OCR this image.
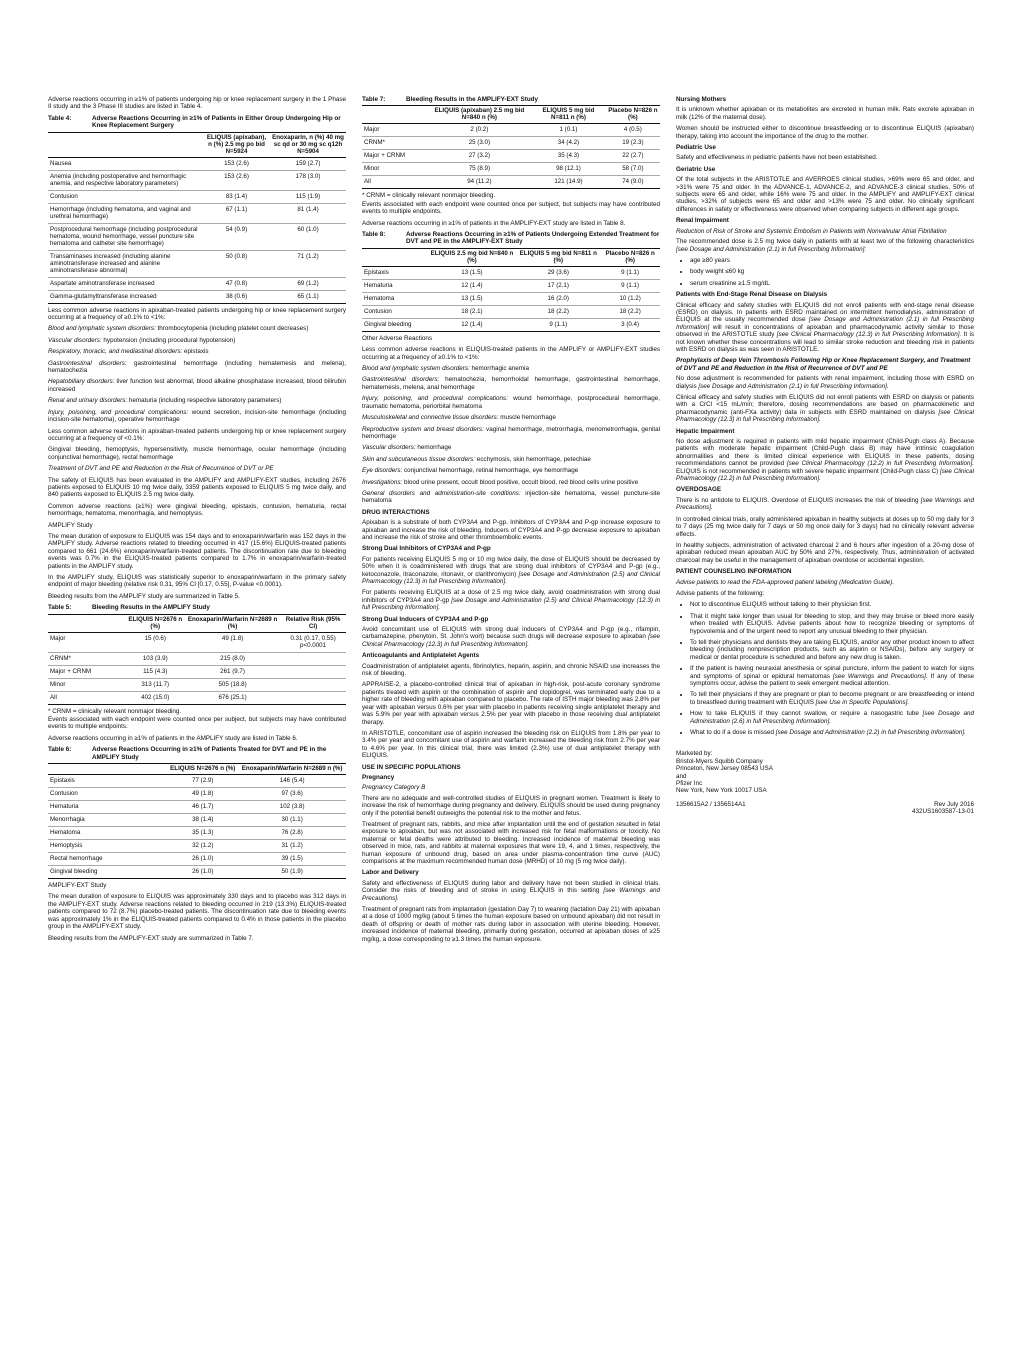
Adverse reactions occurring in ≥1% of patients undergoing hip or knee replacement surgery in the 1 Phase II study and the 3 Phase III studies are listed in Table 4.

Table 4:	Adverse Reactions Occurring in ≥1% of Patients in Either Group Undergoing Hip or Knee Replacement Surgery
	ELIQUIS (apixaban), n (%) 2.5 mg po bid N=5924	Enoxaparin, n (%) 40 mg sc qd or 30 mg sc q12h N=5904
Nausea	153 (2.6)	159 (2.7)
Anemia (including postoperative and hemorrhagic anemia, and respective laboratory parameters)	153 (2.6)	178 (3.0)
Contusion	83 (1.4)	115 (1.9)
Hemorrhage (including hematoma, and vaginal and urethral hemorrhage)	67 (1.1)	81 (1.4)
Postprocedural hemorrhage (including postprocedural hematoma, wound hemorrhage, vessel puncture site hematoma and catheter site hemorrhage)	54 (0.9)	60 (1.0)
Transaminases increased (including alanine aminotransferase increased and alanine aminotransferase abnormal)	50 (0.8)	71 (1.2)
Aspartate aminotransferase increased	47 (0.8)	69 (1.2)
Gamma-glutamyltransferase increased	38 (0.6)	65 (1.1)

Less common adverse reactions in apixaban-treated patients undergoing hip or knee replacement surgery occurring at a frequency of ≥0.1% to <1%:

Blood and lymphatic system disorders: thrombocytopenia (including platelet count decreases)

Vascular disorders: hypotension (including procedural hypotension)

Respiratory, thoracic, and mediastinal disorders: epistaxis

Gastrointestinal disorders: gastrointestinal hemorrhage (including hematemesis and melena), hematochezia

Hepatobiliary disorders: liver function test abnormal, blood alkaline phosphatase increased, blood bilirubin increased

Renal and urinary disorders: hematuria (including respective laboratory parameters)

Injury, poisoning, and procedural complications: wound secretion, incision-site hemorrhage (including incision-site hematoma), operative hemorrhage

Less common adverse reactions in apixaban-treated patients undergoing hip or knee replacement surgery occurring at a frequency of <0.1%:

Gingival bleeding, hemoptysis, hypersensitivity, muscle hemorrhage, ocular hemorrhage (including conjunctival hemorrhage), rectal hemorrhage

Treatment of DVT and PE and Reduction in the Risk of Recurrence of DVT or PE

The safety of ELIQUIS has been evaluated in the AMPLIFY and AMPLIFY-EXT studies, including 2676 patients exposed to ELIQUIS 10 mg twice daily, 3359 patients exposed to ELIQUIS 5 mg twice daily, and 840 patients exposed to ELIQUIS 2.5 mg twice daily.

Common adverse reactions (≥1%) were gingival bleeding, epistaxis, contusion, hematuria, rectal hemorrhage, hematoma, menorrhagia, and hemoptysis.

AMPLIFY Study

The mean duration of exposure to ELIQUIS was 154 days and to enoxaparin/warfarin was 152 days in the AMPLIFY study. Adverse reactions related to bleeding occurred in 417 (15.6%) ELIQUIS-treated patients compared to 661 (24.6%) enoxaparin/warfarin-treated patients. The discontinuation rate due to bleeding events was 0.7% in the ELIQUIS-treated patients compared to 1.7% in enoxaparin/warfarin-treated patients in the AMPLIFY study.

In the AMPLIFY study, ELIQUIS was statistically superior to enoxaparin/warfarin in the primary safety endpoint of major bleeding (relative risk 0.31, 95% CI [0.17, 0.55], P-value <0.0001).

Bleeding results from the AMPLIFY study are summarized in Table 5.

Table 5:	Bleeding Results in the AMPLIFY Study
	ELIQUIS N=2676 n (%)	Enoxaparin/Warfarin N=2689 n (%)	Relative Risk (95% CI)
Major	15 (0.6)	49 (1.8)	0.31 (0.17, 0.55) p<0.0001
CRNM*	103 (3.9)	215 (8.0)	
Major + CRNM	115 (4.3)	261 (9.7)	
Minor	313 (11.7)	505 (18.8)	
All	402 (15.0)	676 (25.1)	

* CRNM = clinically relevant nonmajor bleeding.

Events associated with each endpoint were counted once per subject, but subjects may have contributed events to multiple endpoints.

Adverse reactions occurring in ≥1% of patients in the AMPLIFY study are listed in Table 6.

Table 6:	Adverse Reactions Occurring in ≥1% of Patients Treated for DVT and PE in the AMPLIFY Study
	ELIQUIS N=2676 n (%)	Enoxaparin/Warfarin N=2689 n (%)
Epistaxis	77 (2.9)	146 (5.4)
Contusion	49 (1.8)	97 (3.6)
Hematuria	46 (1.7)	102 (3.8)
Menorrhagia	38 (1.4)	30 (1.1)
Hematoma	35 (1.3)	76 (2.8)
Hemoptysis	32 (1.2)	31 (1.2)
Rectal hemorrhage	26 (1.0)	39 (1.5)
Gingival bleeding	26 (1.0)	50 (1.9)

AMPLIFY-EXT Study

The mean duration of exposure to ELIQUIS was approximately 330 days and to placebo was 312 days in the AMPLIFY-EXT study. Adverse reactions related to bleeding occurred in 219 (13.3%) ELIQUIS-treated patients compared to 72 (8.7%) placebo-treated patients. The discontinuation rate due to bleeding events was approximately 1% in the ELIQUIS-treated patients compared to 0.4% in those patients in the placebo group in the AMPLIFY-EXT study.

Bleeding results from the AMPLIFY-EXT study are summarized in Table 7.

Table 7:	Bleeding Results in the AMPLIFY-EXT Study
	ELIQUIS (apixaban) 2.5 mg bid N=840 n (%)	ELIQUIS 5 mg bid N=811 n (%)	Placebo N=826 n (%)
Major	2 (0.2)	1 (0.1)	4 (0.5)
CRNM*	25 (3.0)	34 (4.2)	19 (2.3)
Major + CRNM	27 (3.2)	35 (4.3)	22 (2.7)
Minor	75 (8.9)	98 (12.1)	58 (7.0)
All	94 (11.2)	121 (14.9)	74 (9.0)

* CRNM = clinically relevant nonmajor bleeding.

Events associated with each endpoint were counted once per subject, but subjects may have contributed events to multiple endpoints.

Adverse reactions occurring in ≥1% of patients in the AMPLIFY-EXT study are listed in Table 8.

Table 8:	Adverse Reactions Occurring in ≥1% of Patients Undergoing Extended Treatment for DVT and PE in the AMPLIFY-EXT Study
	ELIQUIS 2.5 mg bid N=840 n (%)	ELIQUIS 5 mg bid N=811 n (%)	Placebo N=826 n (%)
Epistaxis	13 (1.5)	29 (3.6)	9 (1.1)
Hematuria	12 (1.4)	17 (2.1)	9 (1.1)
Hematoma	13 (1.5)	16 (2.0)	10 (1.2)
Contusion	18 (2.1)	18 (2.2)	18 (2.2)
Gingival bleeding	12 (1.4)	9 (1.1)	3 (0.4)

Other Adverse Reactions

Less common adverse reactions in ELIQUIS-treated patients in the AMPLIFY or AMPLIFY-EXT studies occurring at a frequency of ≥0.1% to <1%:

Blood and lymphatic system disorders: hemorrhagic anemia

Gastrointestinal disorders: hematochezia, hemorrhoidal hemorrhage, gastrointestinal hemorrhage, hematemesis, melena, anal hemorrhage

Injury, poisoning, and procedural complications: wound hemorrhage, postprocedural hemorrhage, traumatic hematoma, periorbital hematoma

Musculoskeletal and connective tissue disorders: muscle hemorrhage

Reproductive system and breast disorders: vaginal hemorrhage, metrorrhagia, menometrorrhagia, genital hemorrhage

Vascular disorders: hemorrhage

Skin and subcutaneous tissue disorders: ecchymosis, skin hemorrhage, petechiae

Eye disorders: conjunctival hemorrhage, retinal hemorrhage, eye hemorrhage

Investigations: blood urine present, occult blood positive, occult blood, red blood cells urine positive

General disorders and administration-site conditions: injection-site hematoma, vessel puncture-site hematoma

DRUG INTERACTIONS

Apixaban is a substrate of both CYP3A4 and P-gp. Inhibitors of CYP3A4 and P-gp increase exposure to apixaban and increase the risk of bleeding. Inducers of CYP3A4 and P-gp decrease exposure to apixaban and increase the risk of stroke and other thromboembolic events.

Strong Dual Inhibitors of CYP3A4 and P-gp

For patients receiving ELIQUIS 5 mg or 10 mg twice daily, the dose of ELIQUIS should be decreased by 50% when it is coadministered with drugs that are strong dual inhibitors of CYP3A4 and P-gp (e.g., ketoconazole, itraconazole, ritonavir, or clarithromycin) [see Dosage and Administration (2.5) and Clinical Pharmacology (12.3) in full Prescribing Information].

For patients receiving ELIQUIS at a dose of 2.5 mg twice daily, avoid coadministration with strong dual inhibitors of CYP3A4 and P-gp [see Dosage and Administration (2.5) and Clinical Pharmacology (12.3) in full Prescribing Information].

Strong Dual Inducers of CYP3A4 and P-gp

Avoid concomitant use of ELIQUIS with strong dual inducers of CYP3A4 and P-gp (e.g., rifampin, carbamazepine, phenytoin, St. John's wort) because such drugs will decrease exposure to apixaban [see Clinical Pharmacology (12.3) in full Prescribing Information].

Anticoagulants and Antiplatelet Agents

Coadministration of antiplatelet agents, fibrinolytics, heparin, aspirin, and chronic NSAID use increases the risk of bleeding.

APPRAISE-2, a placebo-controlled clinical trial of apixaban in high-risk, post-acute coronary syndrome patients treated with aspirin or the combination of aspirin and clopidogrel, was terminated early due to a higher rate of bleeding with apixaban compared to placebo. The rate of ISTH major bleeding was 2.8% per year with apixaban versus 0.6% per year with placebo in patients receiving single antiplatelet therapy and was 5.9% per year with apixaban versus 2.5% per year with placebo in those receiving dual antiplatelet therapy.

In ARISTOTLE, concomitant use of aspirin increased the bleeding risk on ELIQUIS from 1.8% per year to 3.4% per year and concomitant use of aspirin and warfarin increased the bleeding risk from 2.7% per year to 4.6% per year. In this clinical trial, there was limited (2.3%) use of dual antiplatelet therapy with ELIQUIS.

USE IN SPECIFIC POPULATIONS
Pregnancy
Pregnancy Category B

There are no adequate and well-controlled studies of ELIQUIS in pregnant women. Treatment is likely to increase the risk of hemorrhage during pregnancy and delivery. ELIQUIS should be used during pregnancy only if the potential benefit outweighs the potential risk to the mother and fetus.

Treatment of pregnant rats, rabbits, and mice after implantation until the end of gestation resulted in fetal exposure to apixaban, but was not associated with increased risk for fetal malformations or toxicity. No maternal or fetal deaths were attributed to bleeding. Increased incidence of maternal bleeding was observed in mice, rats, and rabbits at maternal exposures that were 19, 4, and 1 times, respectively, the human exposure of unbound drug, based on area under plasma-concentration time curve (AUC) comparisons at the maximum recommended human dose (MRHD) of 10 mg (5 mg twice daily).

Labor and Delivery

Safety and effectiveness of ELIQUIS during labor and delivery have not been studied in clinical trials. Consider the risks of bleeding and of stroke in using ELIQUIS in this setting [see Warnings and Precautions].

Treatment of pregnant rats from implantation (gestation Day 7) to weaning (lactation Day 21) with apixaban at a dose of 1000 mg/kg (about 5 times the human exposure based on unbound apixaban) did not result in death of offspring or death of mother rats during labor in association with uterine bleeding. However, increased incidence of maternal bleeding, primarily during gestation, occurred at apixaban doses of ≥25 mg/kg, a dose corresponding to ≥1.3 times the human exposure.

Nursing Mothers

It is unknown whether apixaban or its metabolites are excreted in human milk. Rats excrete apixaban in milk (12% of the maternal dose).

Women should be instructed either to discontinue breastfeeding or to discontinue ELIQUIS (apixaban) therapy, taking into account the importance of the drug to the mother.

Pediatric Use

Safety and effectiveness in pediatric patients have not been established.

Geriatric Use

Of the total subjects in the ARISTOTLE and AVERROES clinical studies, >69% were 65 and older, and >31% were 75 and older. In the ADVANCE-1, ADVANCE-2, and ADVANCE-3 clinical studies, 50% of subjects were 65 and older, while 16% were 75 and older. In the AMPLIFY and AMPLIFY-EXT clinical studies, >32% of subjects were 65 and older and >13% were 75 and older. No clinically significant differences in safety or effectiveness were observed when comparing subjects in different age groups.

Renal Impairment
Reduction of Risk of Stroke and Systemic Embolism in Patients with Nonvalvular Atrial Fibrillation

The recommended dose is 2.5 mg twice daily in patients with at least two of the following characteristics [see Dosage and Administration (2.1) in full Prescribing Information]:

• age ≥80 years
• body weight ≤60 kg
• serum creatinine ≥1.5 mg/dL
Patients with End-Stage Renal Disease on Dialysis

Clinical efficacy and safety studies with ELIQUIS did not enroll patients with end-stage renal disease (ESRD) on dialysis. In patients with ESRD maintained on intermittent hemodialysis, administration of ELIQUIS at the usually recommended dose [see Dosage and Administration (2.1) in full Prescribing Information] will result in concentrations of apixaban and pharmacodynamic activity similar to those observed in the ARISTOTLE study [see Clinical Pharmacology (12.3) in full Prescribing Information]. It is not known whether these concentrations will lead to similar stroke reduction and bleeding risk in patients with ESRD on dialysis as was seen in ARISTOTLE.

Prophylaxis of Deep Vein Thrombosis Following Hip or Knee Replacement Surgery, and Treatment of DVT and PE and Reduction in the Risk of Recurrence of DVT and PE

No dose adjustment is recommended for patients with renal impairment, including those with ESRD on dialysis [see Dosage and Administration (2.1) in full Prescribing Information].

Clinical efficacy and safety studies with ELIQUIS did not enroll patients with ESRD on dialysis or patients with a CrCl <15 mL/min; therefore, dosing recommendations are based on pharmacokinetic and pharmacodynamic (anti-FXa activity) data in subjects with ESRD maintained on dialysis [see Clinical Pharmacology (12.3) in full Prescribing Information].

Hepatic Impairment

No dose adjustment is required in patients with mild hepatic impairment (Child-Pugh class A). Because patients with moderate hepatic impairment (Child-Pugh class B) may have intrinsic coagulation abnormalities and there is limited clinical experience with ELIQUIS in these patients, dosing recommendations cannot be provided [see Clinical Pharmacology (12.2) in full Prescribing Information]. ELIQUIS is not recommended in patients with severe hepatic impairment (Child-Pugh class C) [see Clinical Pharmacology (12.2) in full Prescribing Information].

OVERDOSAGE

There is no antidote to ELIQUIS. Overdose of ELIQUIS increases the risk of bleeding [see Warnings and Precautions].

In controlled clinical trials, orally administered apixaban in healthy subjects at doses up to 50 mg daily for 3 to 7 days (25 mg twice daily for 7 days or 50 mg once daily for 3 days) had no clinically relevant adverse effects.

In healthy subjects, administration of activated charcoal 2 and 6 hours after ingestion of a 20-mg dose of apixaban reduced mean apixaban AUC by 50% and 27%, respectively. Thus, administration of activated charcoal may be useful in the management of apixaban overdose or accidental ingestion.

PATIENT COUNSELING INFORMATION

Advise patients to read the FDA-approved patient labeling (Medication Guide).

Advise patients of the following:

• Not to discontinue ELIQUIS without talking to their physician first.
• That it might take longer than usual for bleeding to stop, and they may bruise or bleed more easily when treated with ELIQUIS. Advise patients about how to recognize bleeding or symptoms of hypovolemia and of the urgent need to report any unusual bleeding to their physician.
• To tell their physicians and dentists they are taking ELIQUIS, and/or any other product known to affect bleeding (including nonprescription products, such as aspirin or NSAIDs), before any surgery or medical or dental procedure is scheduled and before any new drug is taken.
• If the patient is having neuraxial anesthesia or spinal puncture, inform the patient to watch for signs and symptoms of spinal or epidural hematomas [see Warnings and Precautions]. If any of these symptoms occur, advise the patient to seek emergent medical attention.
• To tell their physicians if they are pregnant or plan to become pregnant or are breastfeeding or intend to breastfeed during treatment with ELIQUIS [see Use in Specific Populations].
• How to take ELIQUIS if they cannot swallow, or require a nasogastric tube [see Dosage and Administration (2.6) in full Prescribing Information].
• What to do if a dose is missed [see Dosage and Administration (2.2) in full Prescribing Information].
Marketed by:
Bristol-Myers Squibb Company
Princeton, New Jersey 08543 USA
and
Pfizer Inc
New York, New York 10017 USA
1356615A2 / 1356514A1	Rev July 2016
432US1603587-13-01
